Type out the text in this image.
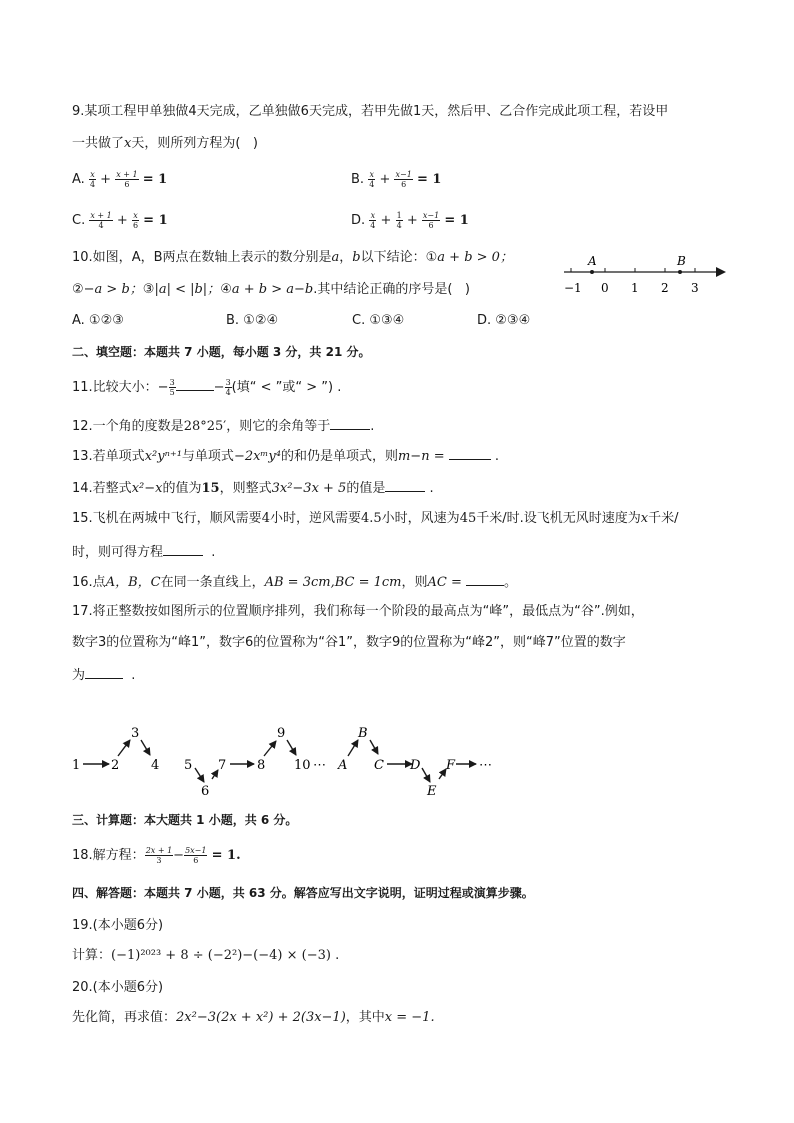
9.某项工程甲单独做4天完成，乙单独做6天完成，若甲先做1天，然后甲、乙合作完成此项工程，若设甲
一共做了x天，则所列方程为( )
A. $\frac{x}{4} + \frac{x + 1}{6} = 1$	B. $\frac{x}{4} + \frac{x-1}{6} = 1$
C. $\frac{x + 1}{4} + \frac{x}{6} = 1$	D. $\frac{x}{4} + \frac{1}{4} + \frac{x-1}{6} = 1$
10.如图，A，B两点在数轴上表示的数分别是a，b以下结论：①a + b > 0；
②−a > b；③|a| < |b|；④a + b > a−b.其中结论正确的序号是( )
A	B
−1 0 1 2 3
A. ①②③	B. ①②④	C. ①③④	D. ②③④
二、填空题：本题共 7 小题，每小题 3 分，共 21 分。
11.比较大小：− $\frac{3}{5}$	− $\frac{3}{4}$ (填“ < ”或“ > ”) .
12.一个角的度数是28°25′，则它的余角等于	.
13.若单项式x²yⁿ⁺¹与单项式−2xᵐy⁴的和仍是单项式，则m−n =	.
14.若整式x²−x的值为15，则整式3x²−3x + 5的值是	.
15.飞机在两城中飞行，顺风需要4小时，逆风需要4.5小时，风速为45千米/时.设飞机无风时速度为x千米/
时，则可得方程	.
16.点A，B，C在同一条直线上，AB = 3cm,BC = 1cm，则AC =	。
17.将正整数按如图所示的位置顺序排列，我们称每一个阶段的最高点为“峰”，最低点为“谷”.例如，
数字3的位置称为“峰1”，数字6的位置称为“谷1”，数字9的位置称为“峰2”，则“峰7”位置的数字
为	.
1 2
3
4 5
6
7 8
9
10 ⋯ A
B
C D
E
F ⋯
三、计算题：本大题共 1 小题，共 6 分。
18.解方程： $\frac{2x + 1}{3} - \frac{5x-1}{6} = 1$.
四、解答题：本题共 7 小题，共 63 分。解答应写出文字说明，证明过程或演算步骤。
19.(本小题6分)
计算：(−1)²⁰²³ + 8 ÷ (−2²)−(−4) × (−3) .
20.(本小题6分)
先化简，再求值：2x²−3(2x + x²) + 2(3x−1)，其中x = −1.
